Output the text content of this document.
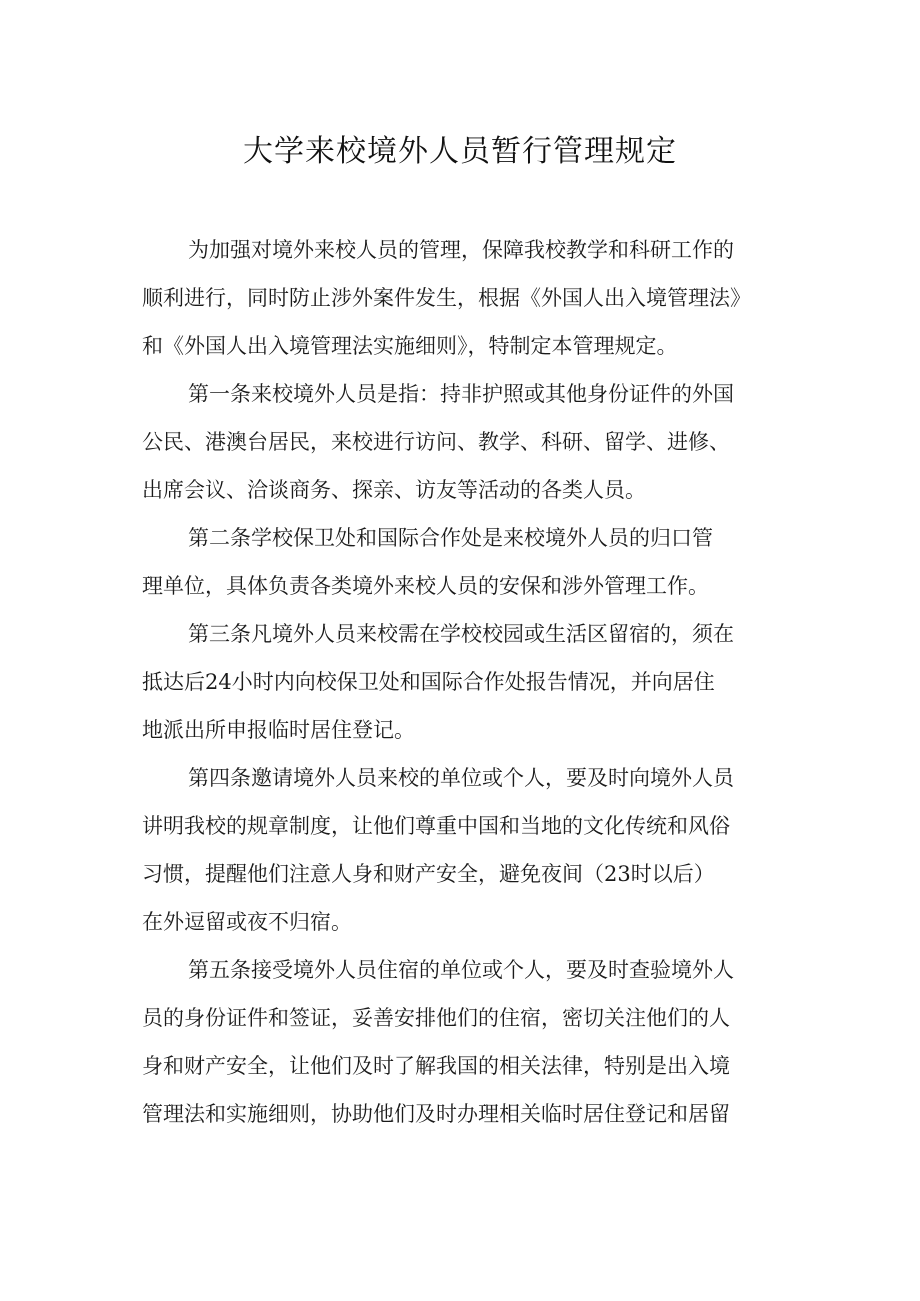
大学来校境外人员暂行管理规定
为加强对境外来校人员的管理，保障我校教学和科研工作的
顺利进行，同时防止涉外案件发生，根据《外国人出入境管理法》
和《外国人出入境管理法实施细则》，特制定本管理规定。
第一条来校境外人员是指：持非护照或其他身份证件的外国
公民、港澳台居民，来校进行访问、教学、科研、留学、进修、
出席会议、洽谈商务、探亲、访友等活动的各类人员。
第二条学校保卫处和国际合作处是来校境外人员的归口管
理单位，具体负责各类境外来校人员的安保和涉外管理工作。
第三条凡境外人员来校需在学校校园或生活区留宿的，须在
抵达后24小时内向校保卫处和国际合作处报告情况，并向居住
地派出所申报临时居住登记。
第四条邀请境外人员来校的单位或个人，要及时向境外人员
讲明我校的规章制度，让他们尊重中国和当地的文化传统和风俗
习惯，提醒他们注意人身和财产安全，避免夜间（23时以后）
在外逗留或夜不归宿。
第五条接受境外人员住宿的单位或个人，要及时查验境外人
员的身份证件和签证，妥善安排他们的住宿，密切关注他们的人
身和财产安全，让他们及时了解我国的相关法律，特别是出入境
管理法和实施细则，协助他们及时办理相关临时居住登记和居留
